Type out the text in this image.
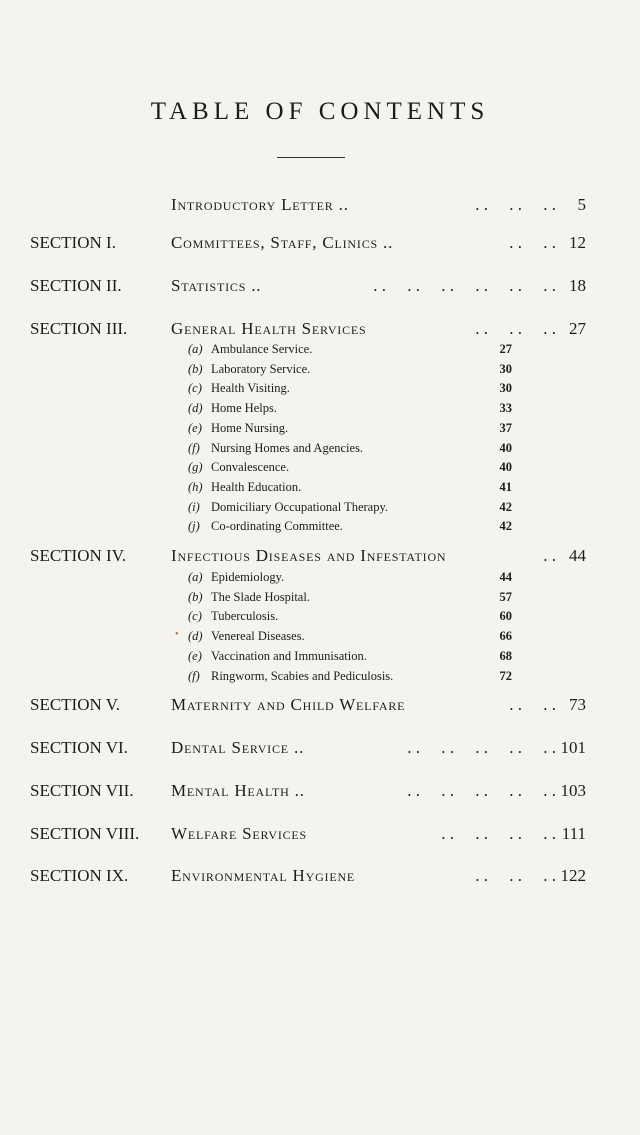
TABLE OF CONTENTS
Introductory Letter ..	. .     . .     . .	5
SECTION I.	Committees, Staff, Clinics ..	. .     . . 12
SECTION II.	Statistics ..	. .     . .     . .     . .     . .     . . 18
SECTION III.	General Health Services	. .     . .     . . 27
(a) Ambulance Service.	27
(b) Laboratory Service.	30
(c) Health Visiting.	30
(d) Home Helps.	33
(e) Home Nursing.	37
(f) Nursing Homes and Agencies.	40
(g) Convalescence.	40
(h) Health Education.	41
(i) Domiciliary Occupational Therapy.	42
(j) Co-ordinating Committee.	42
SECTION IV.	Infectious Diseases and Infestation	. . 44
(a) Epidemiology.	44
(b) The Slade Hospital.	57
(c) Tuberculosis.	60
(d) Venereal Diseases.	66
(e) Vaccination and Immunisation.	68
(f) Ringworm, Scabies and Pediculosis.	72
SECTION V.	Maternity and Child Welfare	. .     . . 73
SECTION VI.	Dental Service ..	. .     . .     . .     . .     . . 101
SECTION VII. Mental Health ..	. .     . .     . .     . .     . . 103
SECTION VIII. Welfare Services	. .     . .     . .     . . 111
SECTION IX.	Environmental Hygiene	. .     . .     . . 122
•
